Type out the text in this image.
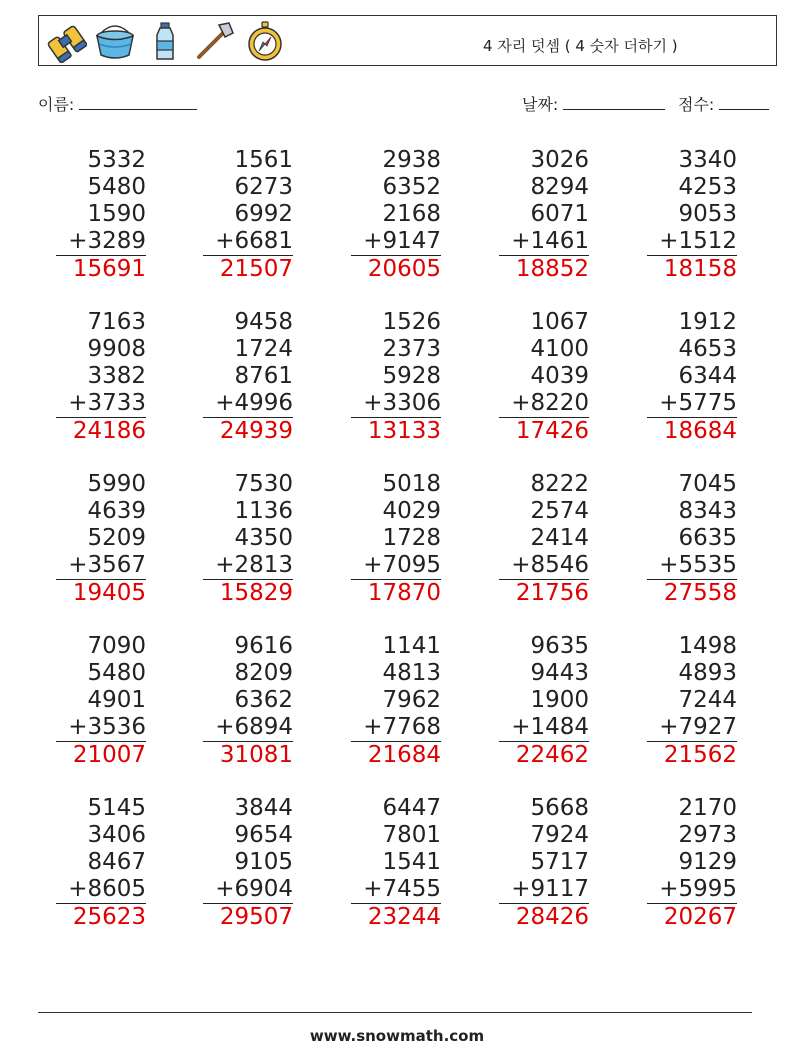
4 자리 덧셈 ( 4 숫자 더하기 )
이름:	날짜:	점수:
5332
5480
1590
+3289
15691
1561
6273
6992
+6681
21507
2938
6352
2168
+9147
20605
3026
8294
6071
+1461
18852
3340
4253
9053
+1512
18158
7163
9908
3382
+3733
24186
9458
1724
8761
+4996
24939
1526
2373
5928
+3306
13133
1067
4100
4039
+8220
17426
1912
4653
6344
+5775
18684
5990
4639
5209
+3567
19405
7530
1136
4350
+2813
15829
5018
4029
1728
+7095
17870
8222
2574
2414
+8546
21756
7045
8343
6635
+5535
27558
7090
5480
4901
+3536
21007
9616
8209
6362
+6894
31081
1141
4813
7962
+7768
21684
9635
9443
1900
+1484
22462
1498
4893
7244
+7927
21562
5145
3406
8467
+8605
25623
3844
9654
9105
+6904
29507
6447
7801
1541
+7455
23244
5668
7924
5717
+9117
28426
2170
2973
9129
+5995
20267
www.snowmath.com
